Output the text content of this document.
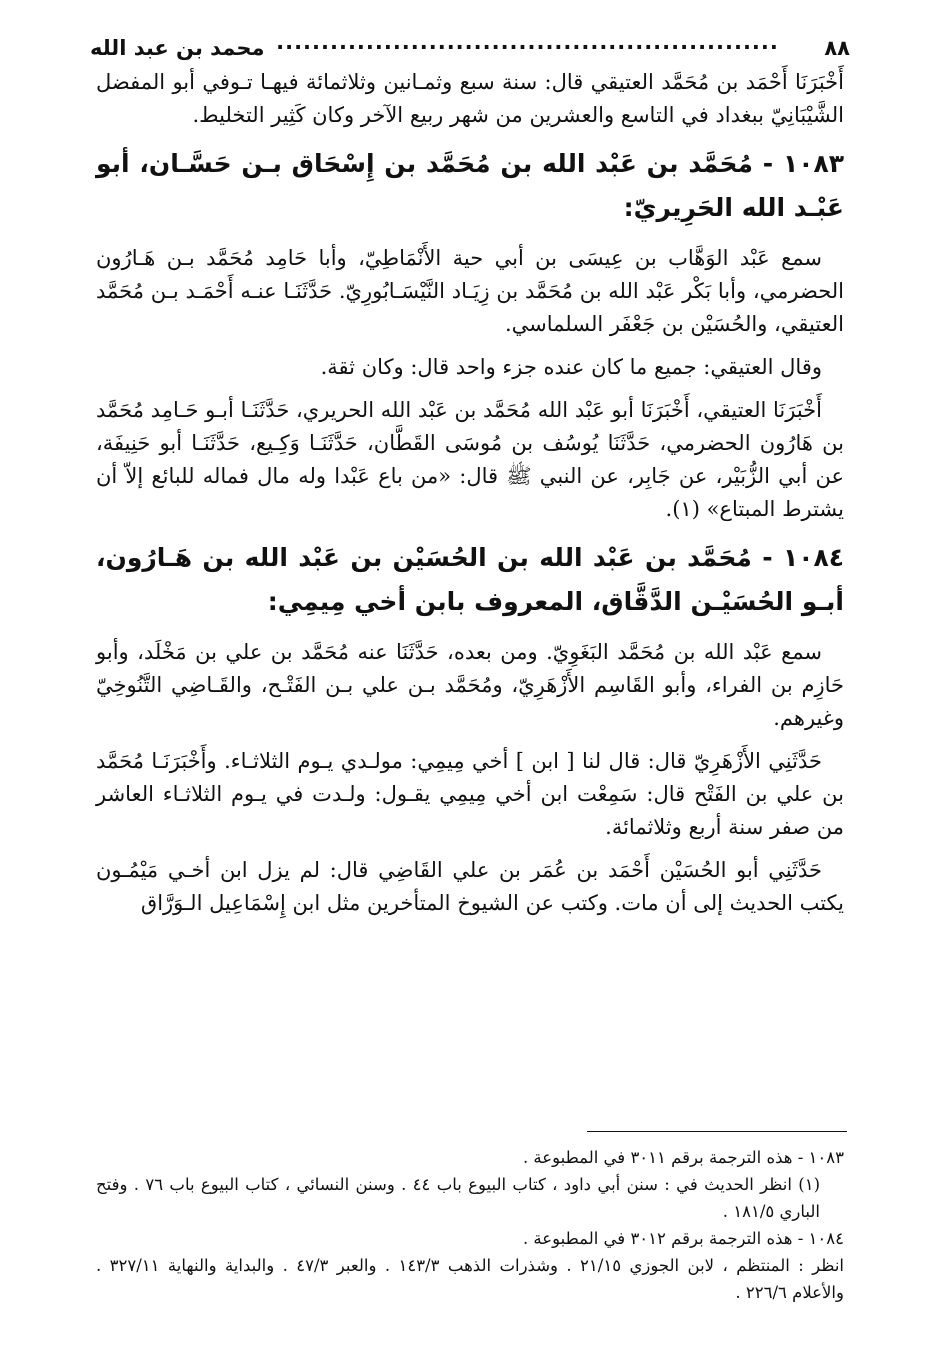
٨٨
........................................................
محمد بن عبد الله

أَخْبَرَنَا أَحْمَد بن مُحَمَّد العتيقي قال: سنة سبع وثمـانين وثلاثمائة فيهـا تـوفي أبو المفضل الشَّيْبَانِيّ ببغداد في التاسع والعشرين من شهر ربيع الآخر وكان كَثِير التخليط.

١٠٨٣ - مُحَمَّد بن عَبْد الله بن مُحَمَّد بن إِسْحَاق بـن حَسَّـان، أبو عَبْـد الله الحَرِيريّ:

سمع عَبْد الوَهَّاب بن عِيسَى بن أبي حية الأَنْمَاطِيّ، وأبا حَامِد مُحَمَّد بـن هَـارُون الحضرمي، وأبا بَكْر عَبْد الله بن مُحَمَّد بن زِيَـاد النَّيْسَـابُورِيّ. حَدَّثَنَـا عنـه أَحْمَـد بـن مُحَمَّد العتيقي، والحُسَيْن بن جَعْفَر السلماسي.

وقال العتيقي: جميع ما كان عنده جزء واحد قال: وكان ثقة.

أَخْبَرَنَا العتيقي، أَخْبَرَنَا أبو عَبْد الله مُحَمَّد بن عَبْد الله الحريري، حَدَّثَنَـا أبـو حَـامِد مُحَمَّد بن هَارُون الحضرمي، حَدَّثَنَا يُوسُف بن مُوسَى القَطَّان، حَدَّثَنَـا وَكِـيع، حَدَّثَنَـا أبو حَنِيفَة، عن أبي الزُّبَيْر، عن جَابِر، عن النبي ﷺ قال: «من باع عَبْدا وله مال فماله للبائع إلاّ أن يشترط المبتاع» (١).

١٠٨٤ - مُحَمَّد بن عَبْد الله بن الحُسَيْن بن عَبْد الله بن هَـارُون، أبـو الحُسَيْـن الدَّقَّاق، المعروف بابن أخي مِيمِي:

سمع عَبْد الله بن مُحَمَّد البَغَوِيّ. ومن بعده، حَدَّثَنَا عنه مُحَمَّد بن علي بن مَخْلَد، وأبو حَازِم بن الفراء، وأبو القَاسِم الأَزْهَرِيّ، ومُحَمَّد بـن علي بـن الفَتْـح، والقَـاضِي التَّنُوخِيّ وغيرهم.

حَدَّثَنِي الأَزْهَرِيّ قال: قال لنا [ ابن ] أخي مِيمِي: مولـدي يـوم الثلاثـاء. وأَخْبَرَنَـا مُحَمَّد بن علي بن الفَتْح قال: سَمِعْت ابن أخي مِيمِي يقـول: ولـدت في يـوم الثلاثـاء العاشر من صفر سنة أربع وثلاثمائة.

حَدَّثَنِي أبو الحُسَيْن أَحْمَد بن عُمَر بن علي القَاضِي قال: لم يزل ابن أخـي مَيْمُـون يكتب الحديث إلى أن مات. وكتب عن الشيوخ المتأخرين مثل ابن إِسْمَاعِيل الـوَرَّاق

١٠٨٣ - هذه الترجمة برقم ٣٠١١ في المطبوعة .

(١) انظر الحديث في : سنن أبي داود ، كتاب البيوع باب ٤٤ . وسنن النسائي ، كتاب البيوع باب ٧٦ . وفتح الباري ١٨١/٥ .

١٠٨٤ - هذه الترجمة برقم ٣٠١٢ في المطبوعة .

انظر : المنتظم ، لابن الجوزي ٢١/١٥ . وشذرات الذهب ١٤٣/٣ . والعبر ٤٧/٣ . والبداية والنهاية ٣٢٧/١١ . والأعلام ٢٢٦/٦ .
